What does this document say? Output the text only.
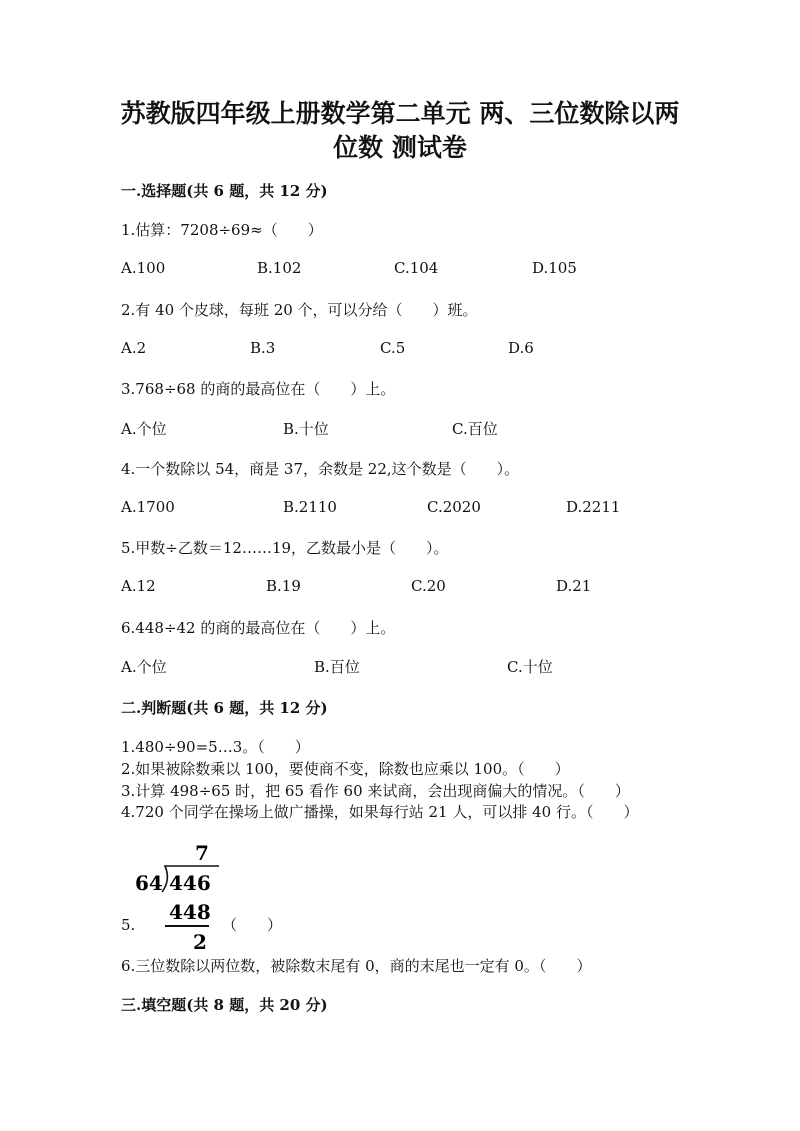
苏教版四年级上册数学第二单元 两、三位数除以两
位数 测试卷

一.选择题(共 6 题，共 12 分)

1.估算：7208÷69≈（　　）

A.100	B.102	C.104	D.105

2.有 40 个皮球，每班 20 个，可以分给（　　）班。

A.2	B.3	C.5	D.6

3.768÷68 的商的最高位在（　　）上。

A.个位	B.十位	C.百位

4.一个数除以 54，商是 37，余数是 22,这个数是（　　）。

A.1700	B.2110	C.2020	D.2211

5.甲数÷乙数＝12……19，乙数最小是（　　）。

A.12	B.19	C.20	D.21

6.448÷42 的商的最高位在（　　）上。

A.个位	B.百位	C.十位

二.判断题(共 6 题，共 12 分)

1.480÷90=5…3。（　　）

2.如果被除数乘以 100，要使商不变，除数也应乘以 100。（　　）

3.计算 498÷65 时，把 65 看作 60 来试商，会出现商偏大的情况。（　　）

4.720 个同学在操场上做广播操，如果每行站 21 人，可以排 40 行。（　　）

5.
7
64 446
448
2
（　　）

6.三位数除以两位数，被除数末尾有 0，商的末尾也一定有 0。（　　）

三.填空题(共 8 题，共 20 分)
